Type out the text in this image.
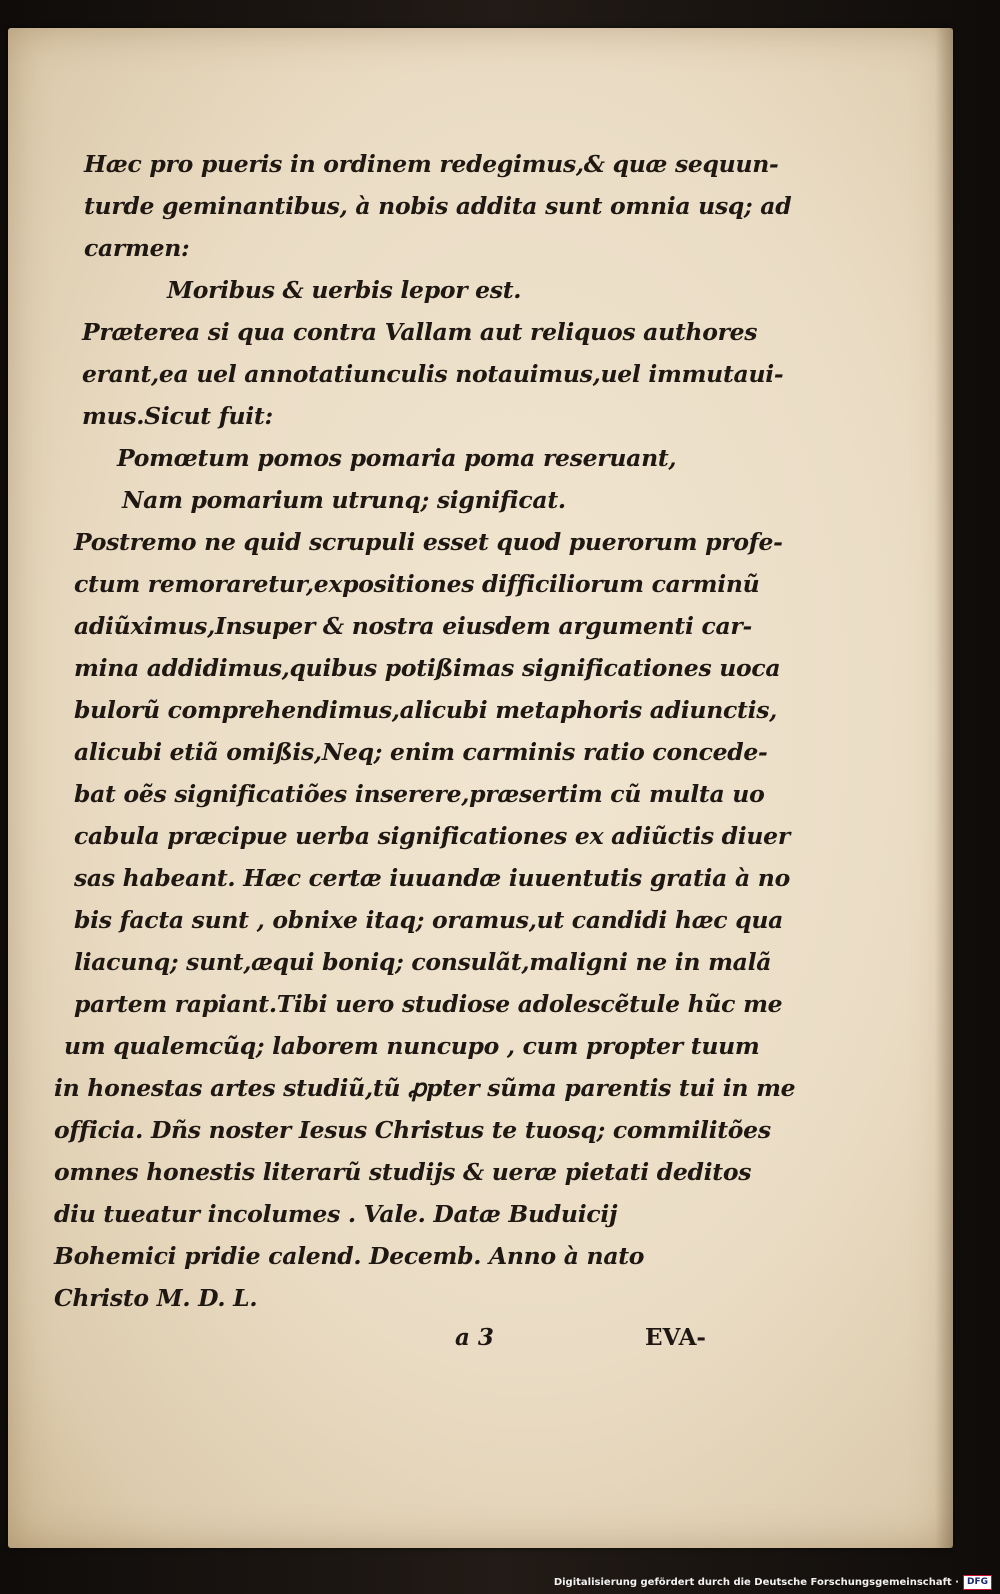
Hæc pro pueris in ordinem redegimus,& quæ sequun-
turde geminantibus, à nobis addita sunt omnia usq; ad
carmen:
Moribus & uerbis lepor est.
Præterea si qua contra Vallam aut reliquos authores
erant,ea uel annotatiunculis notauimus,uel immutaui-
mus.Sicut fuit:
Pomœtum pomos pomaria poma reseruant,
Nam pomarium utrunq; significat.
Postremo ne quid scrupuli esset quod puerorum profe-
ctum remoraretur,expositiones difficiliorum carminũ
adiũximus,Insuper & nostra eiusdem argumenti car-
mina addidimus,quibus potißimas significationes uoca
bulorũ comprehendimus,alicubi metaphoris adiunctis,
alicubi etiã omißis,Neq; enim carminis ratio concede-
bat oẽs significatiões inserere,præsertim cũ multa uo
cabula præcipue uerba significationes ex adiũctis diuer
sas habeant. Hæc certæ iuuandæ iuuentutis gratia à no
bis facta sunt , obnixe itaq; oramus,ut candidi hæc qua
liacunq; sunt,æqui boniq; consulãt,maligni ne in malã
partem rapiant.Tibi uero studiose adolescẽtule hũc me
um qualemcũq; laborem nuncupo , cum propter tuum
in honestas artes studiũ,tũ ꝓpter sũma parentis tui in me
officia. Dñs noster Iesus Christus te tuosq; commilitões
omnes honestis literarũ studijs & ueræ pietati deditos
diu tueatur incolumes . Vale. Datæ Buduicij
Bohemici pridie calend. Decemb. Anno à nato
Christo M. D. L.
a 3	EVA-
Digitalisierung gefördert durch die Deutsche Forschungsgemeinschaft · DFG
